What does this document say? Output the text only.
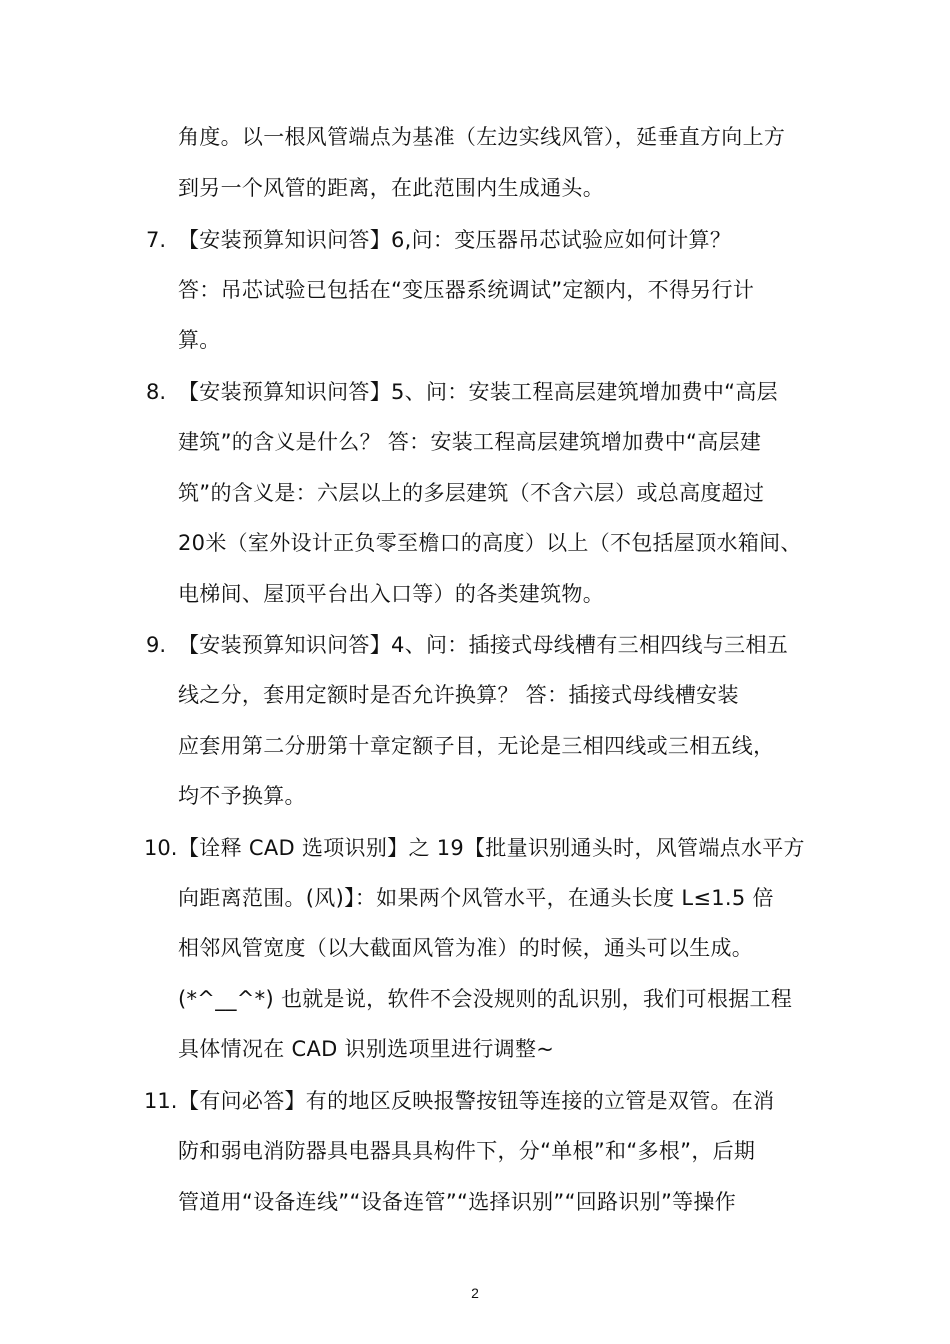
角度。以一根风管端点为基准（左边实线风管），延垂直方向上方
到另一个风管的距离，在此范围内生成通头。
7. 【安装预算知识问答】6,问：变压器吊芯试验应如何计算？
答：吊芯试验已包括在“变压器系统调试”定额内，不得另行计
算。
8. 【安装预算知识问答】5、问：安装工程高层建筑增加费中“高层
建筑”的含义是什么？ 答：安装工程高层建筑增加费中“高层建
筑”的含义是：六层以上的多层建筑（不含六层）或总高度超过
20米（室外设计正负零至檐口的高度）以上（不包括屋顶水箱间、
电梯间、屋顶平台出入口等）的各类建筑物。
9. 【安装预算知识问答】4、问：插接式母线槽有三相四线与三相五
线之分，套用定额时是否允许换算？ 答：插接式母线槽安装
应套用第二分册第十章定额子目，无论是三相四线或三相五线，
均不予换算。
10. 【诠释 CAD 选项识别】之 19【批量识别通头时，风管端点水平方
向距离范围。(风)】：如果两个风管水平，在通头长度 L≤1.5 倍
相邻风管宽度（以大截面风管为准）的时候，通头可以生成。
(*^__^*) 也就是说，软件不会没规则的乱识别，我们可根据工程
具体情况在 CAD 识别选项里进行调整~
11. 【有问必答】有的地区反映报警按钮等连接的立管是双管。在消
防和弱电消防器具电器具具构件下，分“单根”和“多根”，后期
管道用“设备连线”“设备连管”“选择识别”“回路识别”等操作
2
